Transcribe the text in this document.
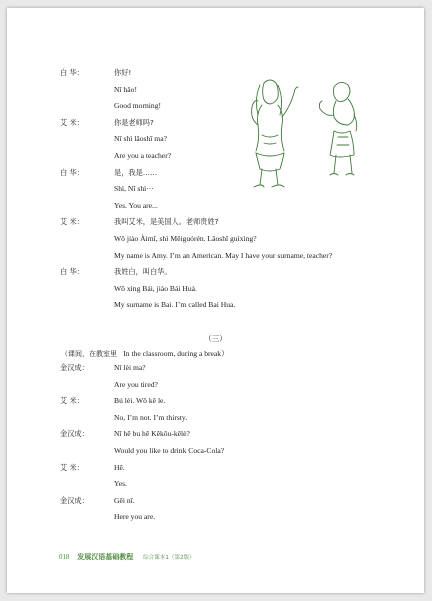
白 华：	你好!
Nǐ hǎo!
Good morning!
艾 米：	你是老师吗?
Nǐ shì lǎoshī ma?
Are you a teacher?
白 华：	是，我是……
Shì, Nǐ shì···
Yes. You are...
艾 米：	我叫艾米，是美国人。老师贵姓?
Wǒ jiào Àimǐ, shì Měiguórén. Lǎoshī guìxìng?
My name is Amy. I’m an American. May I have your surname, teacher?
白 华：	我姓白，叫白华。
Wǒ xìng Bái, jiào Bái Huá.
My surname is Bai. I’m called Bai Hua.
金汉成：	Nǐ lèi ma?
Are you tired?
艾 米：	Bú lèi. Wǒ kě le.
No, I’m not. I’m thirsty.
金汉成：	Nǐ hē bu hē Kěkǒu-kělè?
Would you like to drink Coca-Cola?
艾 米：	Hē.
Yes.
金汉成：	Gěi nǐ.
Here you are.
（三）
（课间，在教室里 In the classroom, during a break）
018 发展汉语基础教程 综合课本1（第2版）
